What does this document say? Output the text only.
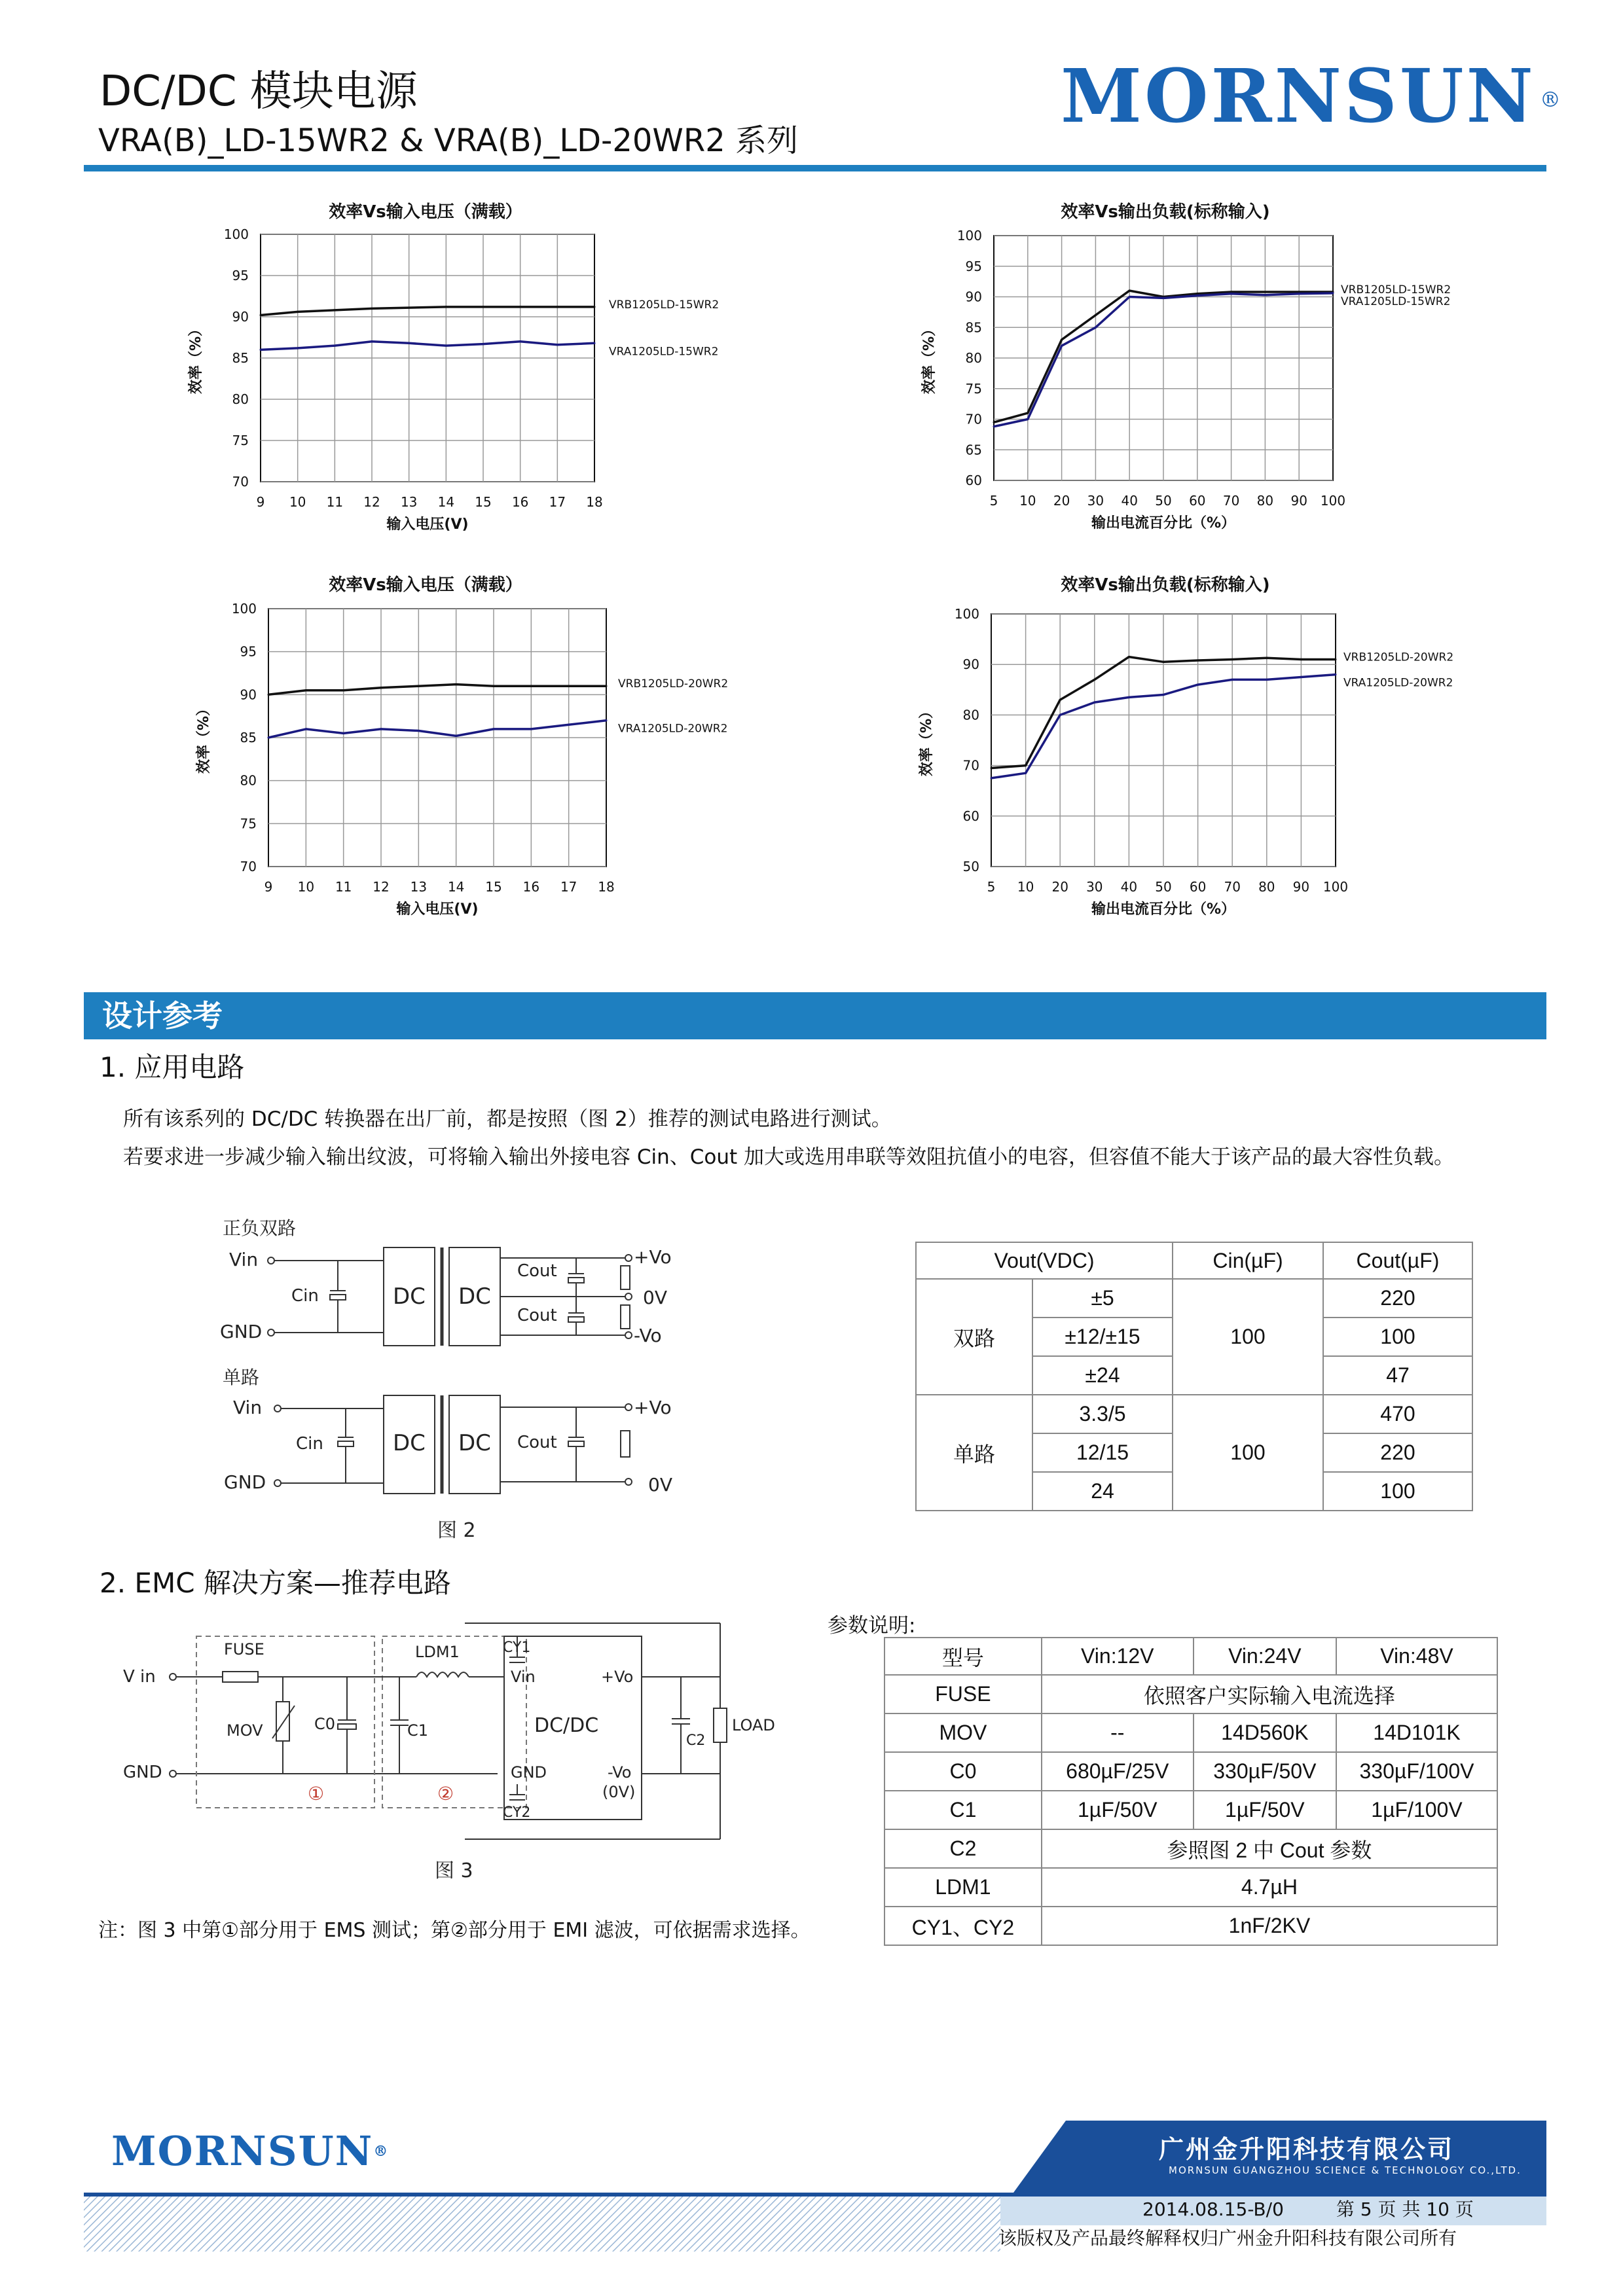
DC/DC 模块电源
VRA(B)_LD-15WR2 & VRA(B)_LD-20WR2 系列
MORNSUN ®
效率Vs输入电压（满载）
9 10 11 12 13 14 15 16 17 18
70
75
80
85
90
95
100
输入电压(V)
效率（%）
VRB1205LD-15WR2
VRA1205LD-15WR2
效率Vs输出负载(标称输入)
5 10 20 30 40 50 60 70 80 90 100
60
65
70
75
80
85
90
95
100
输出电流百分比（%）
效率（%）
VRB1205LD-15WR2
VRA1205LD-15WR2
效率Vs输入电压（满载）
9 10 11 12 13 14 15 16 17 18
70
75
80
85
90
95
100
输入电压(V)
效率（%）
VRB1205LD-20WR2
VRA1205LD-20WR2
效率Vs输出负载(标称输入)
5 10 20 30 40 50 60 70 80 90 100
50
60
70
80
90
100
输出电流百分比（%）
效率（%）
VRB1205LD-20WR2
VRA1205LD-20WR2
设计参考
1. 应用电路
所有该系列的 DC/DC 转换器在出厂前，都是按照（图 2）推荐的测试电路进行测试。
若要求进一步减少输入输出纹波，可将输入输出外接电容 Cin、Cout 加大或选用串联等效阻抗值小的电容，但容值不能大于该产品的最大容性负载。
正负双路
Vin
GND
Cin	DC DC
Cout
Cout
+Vo
0V
-Vo
单路
Vin
GND
Cin	DC DC Cout
+Vo
0V
图 2
Vout(VDC)		Cin(µF)	Cout(µF)
双路	±5	100	220
	±12/±15		100
	±24		47
单路	3.3/5	100	470
	12/15		220
	24		100
2. EMC 解决方案—推荐电路
V in
GND
FUSE
MOV	C0	C1
LDM1	CY1
CY2
Vin	+Vo
DC/DC
GND	-Vo
(0V)
C2
LOAD
①	②
图 3
参数说明:
型号	Vin:12V	Vin:24V	Vin:48V
FUSE	依照客户实际输入电流选择		
MOV	--	14D560K	14D101K
C0	680µF/25V	330µF/50V	330µF/100V
C1	1µF/50V	1µF/50V	1µF/100V
C2	参照图 2 中 Cout 参数		
LDM1	4.7µH		
CY1、CY2	1nF/2KV		
注：图 3 中第①部分用于 EMS 测试；第②部分用于 EMI 滤波，可依据需求选择。
MORNSUN®	广州金升阳科技有限公司
MORNSUN GUANGZHOU SCIENCE & TECHNOLOGY CO.,LTD.
2014.08.15-B/0	第 5 页 共 10 页
该版权及产品最终解释权归广州金升阳科技有限公司所有
